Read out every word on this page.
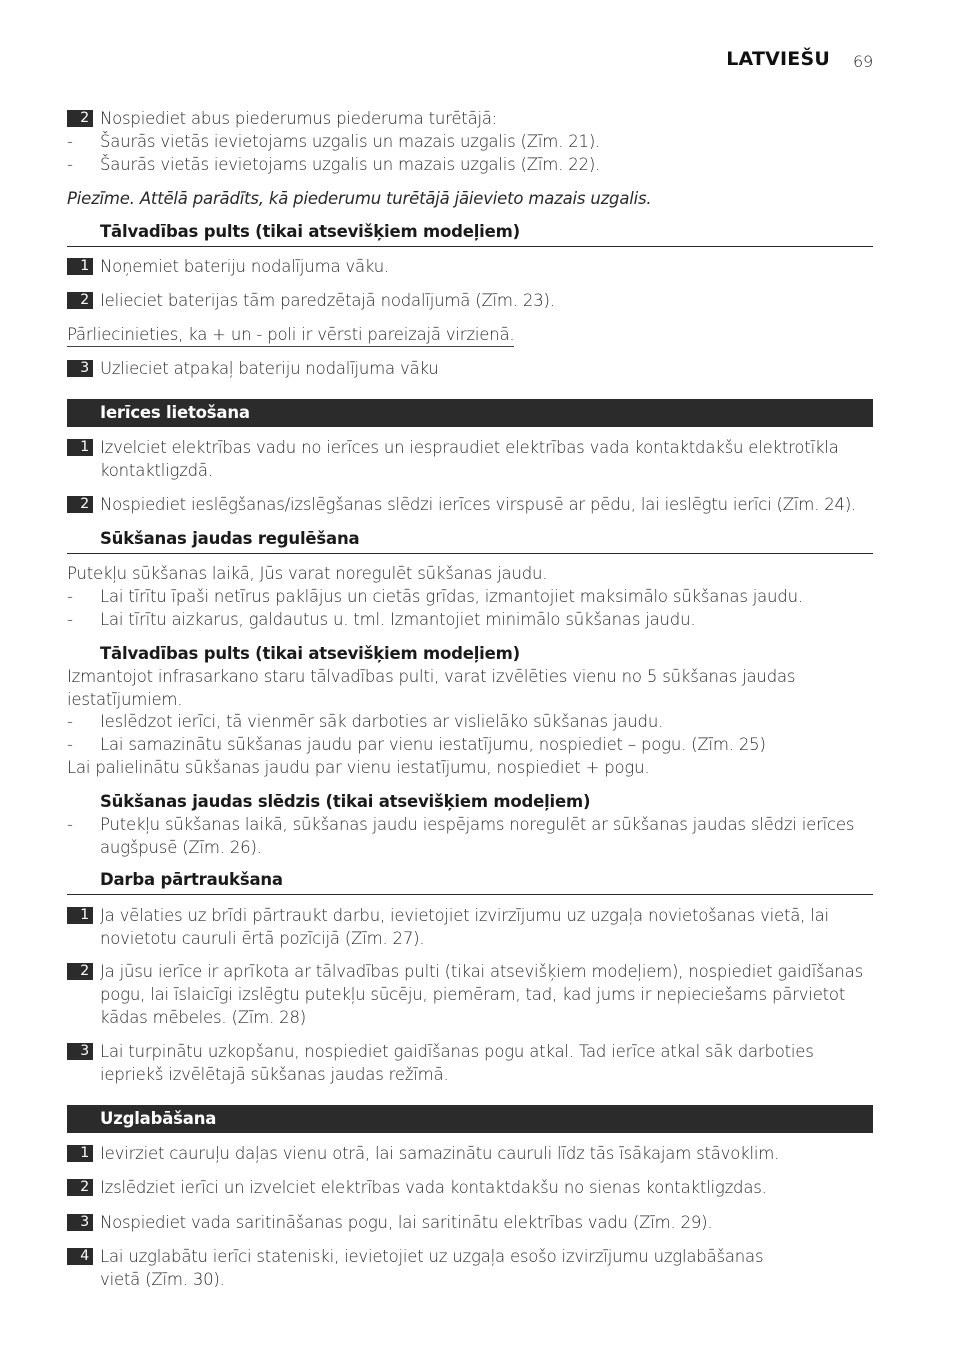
LATVIEŠU 69
2 Nospiediet abus piederumus piederuma turētājā:
- Šaurās vietās ievietojams uzgalis un mazais uzgalis (Zīm. 21).
- Šaurās vietās ievietojams uzgalis un mazais uzgalis (Zīm. 22).
Piezīme. Attēlā parādīts, kā piederumu turētājā jāievieto mazais uzgalis.
Tālvadības pults (tikai atsevišķiem modeļiem)
1 Noņemiet bateriju nodalījuma vāku.
2 Ielieciet baterijas tām paredzētajā nodalījumā (Zīm. 23).
Pārliecinieties, ka + un - poli ir vērsti pareizajā virzienā.
3 Uzlieciet atpakaļ bateriju nodalījuma vāku
Ierīces lietošana
1 Izvelciet elektrības vadu no ierīces un iespraudiet elektrības vada kontaktdakšu elektrotīkla
kontaktligzdā.
2 Nospiediet ieslēgšanas/izslēgšanas slēdzi ierīces virspusē ar pēdu, lai ieslēgtu ierīci (Zīm. 24).
Sūkšanas jaudas regulēšana
Putekļu sūkšanas laikā, Jūs varat noregulēt sūkšanas jaudu.
- Lai tīrītu īpaši netīrus paklājus un cietās grīdas, izmantojiet maksimālo sūkšanas jaudu.
- Lai tīrītu aizkarus, galdautus u. tml. Izmantojiet minimālo sūkšanas jaudu.
Tālvadības pults (tikai atsevišķiem modeļiem)
Izmantojot infrasarkano staru tālvadības pulti, varat izvēlēties vienu no 5 sūkšanas jaudas
iestatījumiem.
- Ieslēdzot ierīci, tā vienmēr sāk darboties ar vislielāko sūkšanas jaudu.
- Lai samazinātu sūkšanas jaudu par vienu iestatījumu, nospiediet – pogu. (Zīm. 25)
Lai palielinātu sūkšanas jaudu par vienu iestatījumu, nospiediet + pogu.
Sūkšanas jaudas slēdzis (tikai atsevišķiem modeļiem)
- Putekļu sūkšanas laikā, sūkšanas jaudu iespējams noregulēt ar sūkšanas jaudas slēdzi ierīces
augšpusē (Zīm. 26).
Darba pārtraukšana
1 Ja vēlaties uz brīdi pārtraukt darbu, ievietojiet izvirzījumu uz uzgaļa novietošanas vietā, lai
novietotu cauruli ērtā pozīcijā (Zīm. 27).
2 Ja jūsu ierīce ir aprīkota ar tālvadības pulti (tikai atsevišķiem modeļiem), nospiediet gaidīšanas
pogu, lai īslaicīgi izslēgtu putekļu sūcēju, piemēram, tad, kad jums ir nepieciešams pārvietot
kādas mēbeles. (Zīm. 28)
3 Lai turpinātu uzkopšanu, nospiediet gaidīšanas pogu atkal. Tad ierīce atkal sāk darboties
iepriekš izvēlētajā sūkšanas jaudas režīmā.
Uzglabāšana
1 Ievirziet cauruļu daļas vienu otrā, lai samazinātu cauruli līdz tās īsākajam stāvoklim.
2 Izslēdziet ierīci un izvelciet elektrības vada kontaktdakšu no sienas kontaktligzdas.
3 Nospiediet vada saritināšanas pogu, lai saritinātu elektrības vadu (Zīm. 29).
4 Lai uzglabātu ierīci stateniski, ievietojiet uz uzgaļa esošo izvirzījumu uzglabāšanas
vietā (Zīm. 30).
